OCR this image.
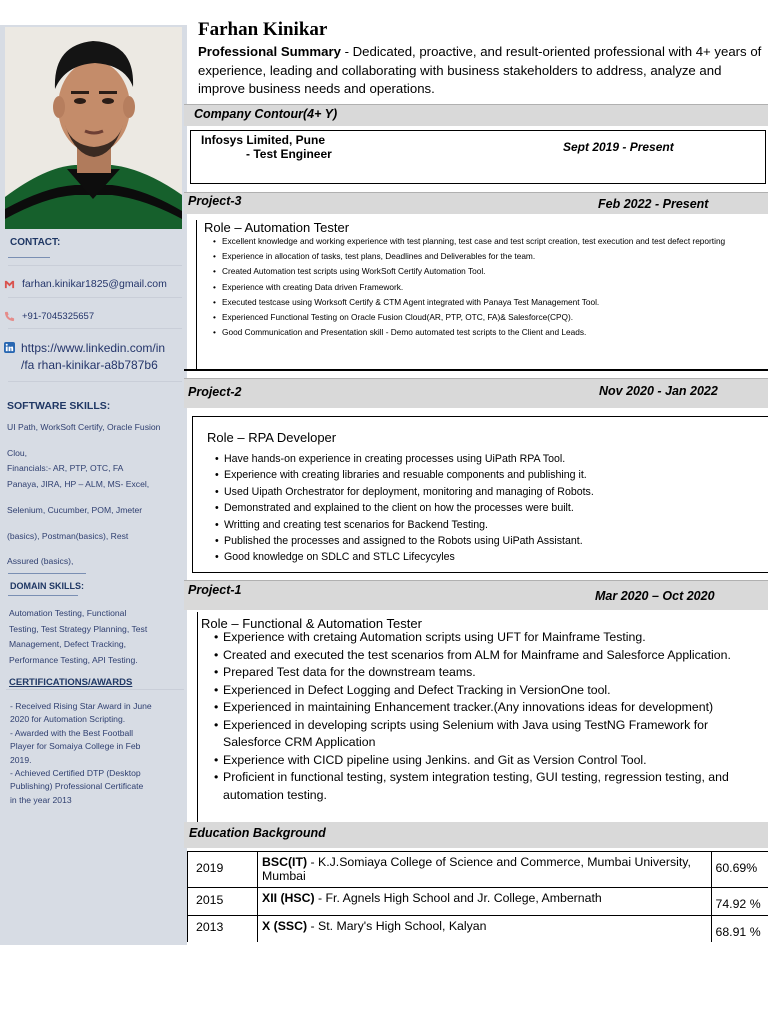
CONTACT:
farhan.kinikar1825@gmail.com
+91-7045325657
https://www.linkedin.com/in
/fa rhan-kinikar-a8b787b6
SOFTWARE SKILLS:
UI Path, WorkSoft Certify, Oracle Fusion
Clou,
Financials:- AR, PTP, OTC, FA
Panaya, JIRA, HP – ALM, MS- Excel,
Selenium, Cucumber, POM, Jmeter
(basics), Postman(basics), Rest
Assured (basics),
DOMAIN SKILLS:
Automation Testing, Functional
Testing, Test Strategy Planning, Test
Management, Defect Tracking,
Performance Testing, API Testing.
CERTIFICATIONS/AWARDS
- Received Rising Star Award in June
2020 for Automation Scripting.
- Awarded with the Best Football
Player for Somaiya College in Feb
2019.
- Achieved Certified DTP (Desktop
Publishing) Professional Certificate
in the year 2013
Farhan Kinikar
Professional Summary - Dedicated, proactive, and result-oriented professional with 4+ years of experience, leading and collaborating with business stakeholders to address, analyze and improve business needs and operations.
Company Contour(4+ Y)
Infosys Limited, Pune
- Test Engineer	Sept 2019 - Present
Project-3	Feb 2022 - Present
Role – Automation Tester
• Excellent knowledge and working experience with test planning, test case and test script creation, test execution and test defect reporting
• Experience in allocation of tasks, test plans, Deadlines and Deliverables for the team.
• Created Automation test scripts using WorkSoft Certify Automation Tool.
• Experience with creating Data driven Framework.
• Executed testcase using Worksoft Certify & CTM Agent integrated with Panaya Test Management Tool.
• Experienced Functional Testing on Oracle Fusion Cloud(AR, PTP, OTC, FA)& Salesforce(CPQ).
• Good Communication and Presentation skill - Demo automated test scripts to the Client and Leads.
Project-2	Nov 2020 - Jan 2022
Role – RPA Developer
• Have hands-on experience in creating processes using UiPath RPA Tool.
• Experience with creating libraries and resuable components and publishing it.
• Used Uipath Orchestrator for deployment, monitoring and managing of Robots.
• Demonstrated and explained to the client on how the processes were built.
• Writting and creating test scenarios for Backend Testing.
• Published the processes and assigned to the Robots using UiPath Assistant.
• Good knowledge on SDLC and STLC Lifecycyles
Project-1	Mar 2020 – Oct 2020
Role – Functional & Automation Tester
• Experience with cretaing Automation scripts using UFT for Mainframe Testing.
• Created and executed the test scenarios from ALM for Mainframe and Salesforce Application.
• Prepared Test data for the downstream teams.
• Experienced in Defect Logging and Defect Tracking in VersionOne tool.
• Experienced in maintaining Enhancement tracker.(Any innovations ideas for development)
• Experienced in developing scripts using Selenium with Java using TestNG Framework for Salesforce CRM Application
• Experience with CICD pipeline using Jenkins. and Git as Version Control Tool.
• Proficient in functional testing, system integration testing, GUI testing, regression testing, and automation testing.
Education Background
2019	BSC(IT) - K.J.Somiaya College of Science and Commerce, Mumbai University, Mumbai	60.69%
2015	XII (HSC) - Fr. Agnels High School and Jr. College, Ambernath	74.92 %
2013	X (SSC) - St. Mary's High School, Kalyan	68.91 %
